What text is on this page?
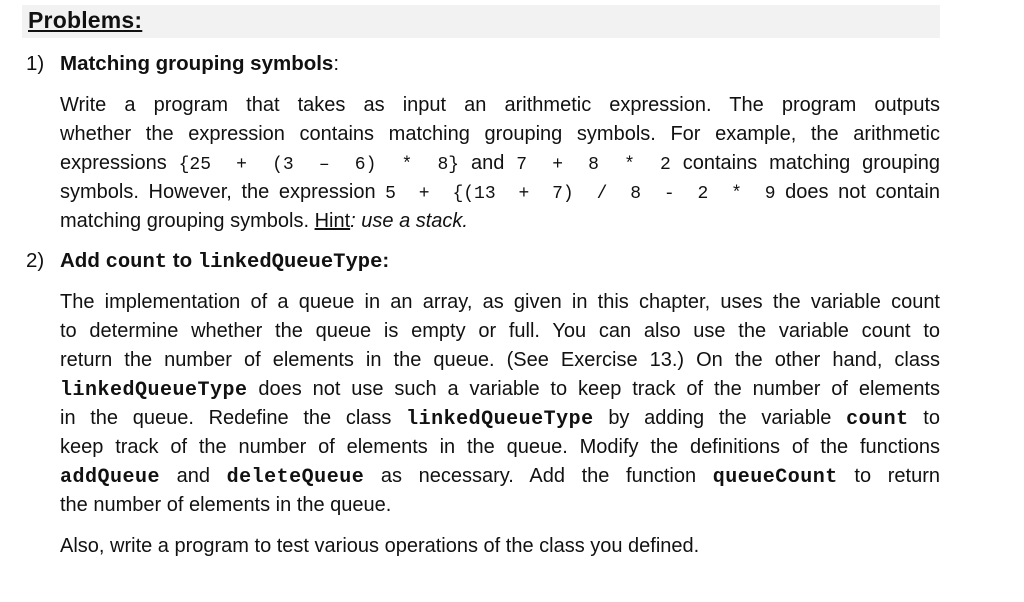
Problems:
1) Matching grouping symbols:
Write a program that takes as input an arithmetic expression. The program outputs
whether the expression contains matching grouping symbols. For example, the arithmetic
expressions {25 + (3 – 6) * 8} and 7 + 8 * 2 contains matching grouping
symbols. However, the expression 5 + {(13 + 7) / 8 - 2 * 9 does not contain
matching grouping symbols. Hint: use a stack.
2) Add count to linkedQueueType:
The implementation of a queue in an array, as given in this chapter, uses the variable count
to determine whether the queue is empty or full. You can also use the variable count to
return the number of elements in the queue. (See Exercise 13.) On the other hand, class
linkedQueueType does not use such a variable to keep track of the number of elements
in the queue. Redefine the class linkedQueueType by adding the variable count to
keep track of the number of elements in the queue. Modify the definitions of the functions
addQueue and deleteQueue as necessary. Add the function queueCount to return
the number of elements in the queue.
Also, write a program to test various operations of the class you defined.
